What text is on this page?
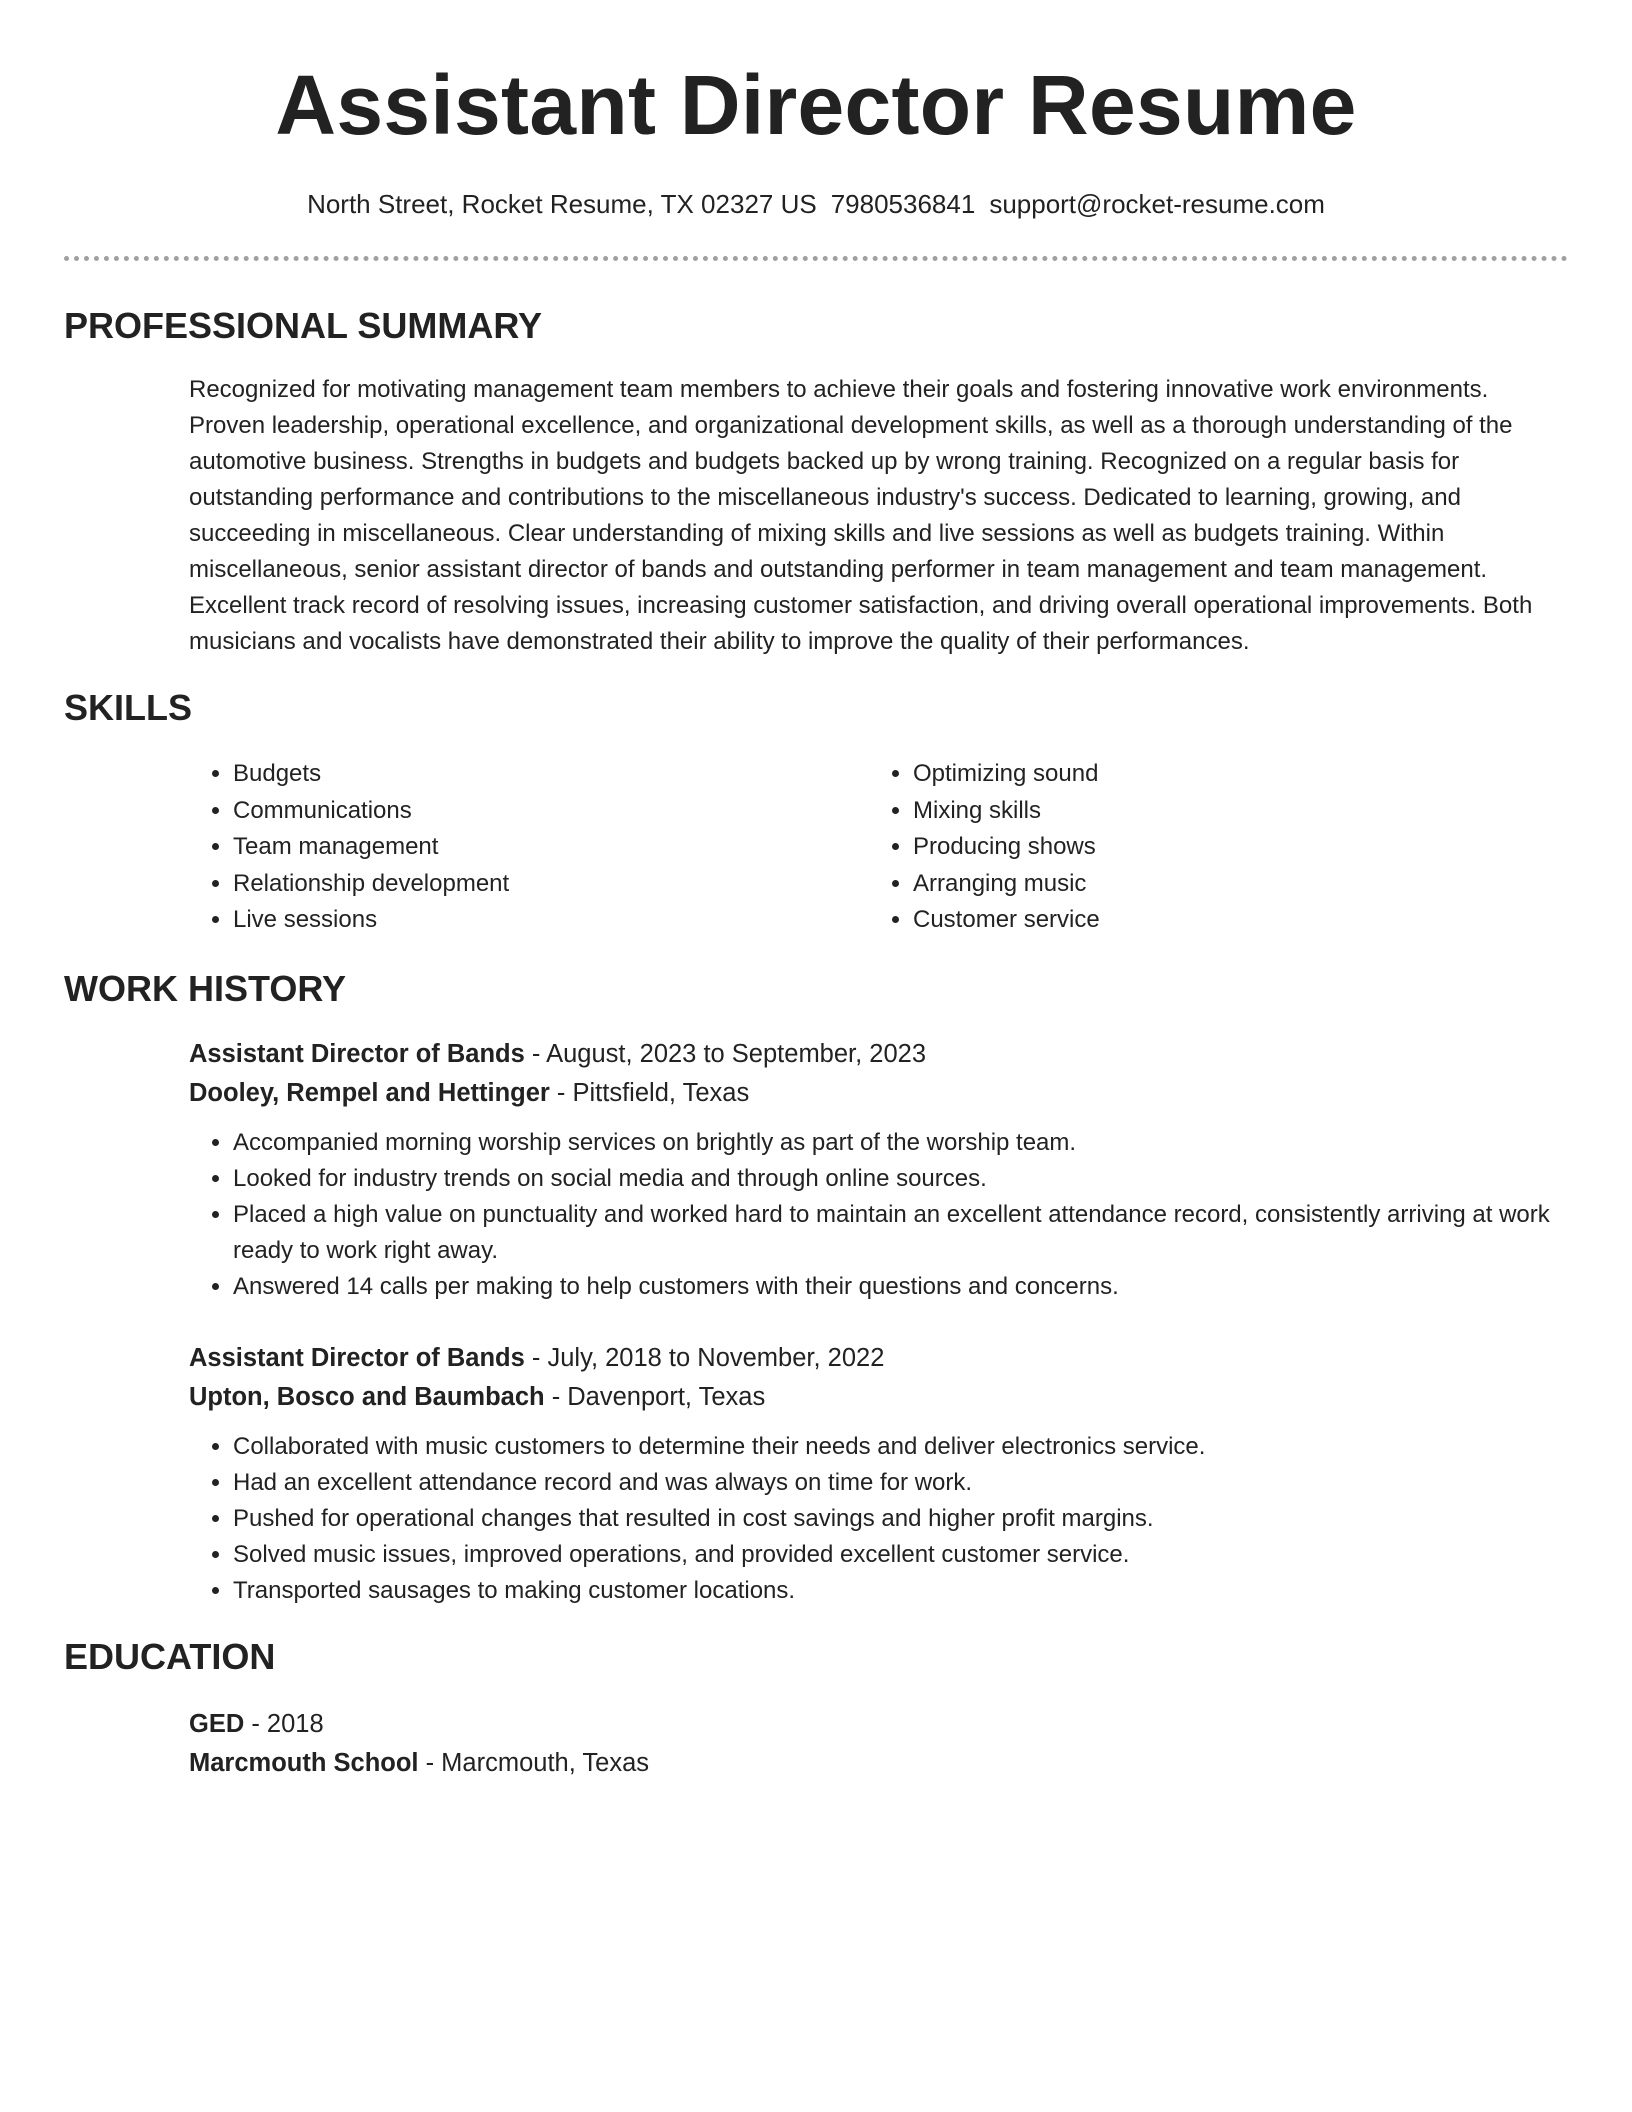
Assistant Director Resume
North Street, Rocket Resume, TX 02327 US 7980536841 support@rocket-resume.com
PROFESSIONAL SUMMARY
Recognized for motivating management team members to achieve their goals and fostering innovative work environments. Proven leadership, operational excellence, and organizational development skills, as well as a thorough understanding of the automotive business. Strengths in budgets and budgets backed up by wrong training. Recognized on a regular basis for outstanding performance and contributions to the miscellaneous industry's success. Dedicated to learning, growing, and succeeding in miscellaneous. Clear understanding of mixing skills and live sessions as well as budgets training. Within miscellaneous, senior assistant director of bands and outstanding performer in team management and team management. Excellent track record of resolving issues, increasing customer satisfaction, and driving overall operational improvements. Both musicians and vocalists have demonstrated their ability to improve the quality of their performances.
SKILLS
• Budgets
• Communications
• Team management
• Relationship development
• Live sessions
• Optimizing sound
• Mixing skills
• Producing shows
• Arranging music
• Customer service
WORK HISTORY
Assistant Director of Bands - August, 2023 to September, 2023
Dooley, Rempel and Hettinger - Pittsfield, Texas
• Accompanied morning worship services on brightly as part of the worship team.
• Looked for industry trends on social media and through online sources.
• Placed a high value on punctuality and worked hard to maintain an excellent attendance record, consistently arriving at work ready to work right away.
• Answered 14 calls per making to help customers with their questions and concerns.
Assistant Director of Bands - July, 2018 to November, 2022
Upton, Bosco and Baumbach - Davenport, Texas
• Collaborated with music customers to determine their needs and deliver electronics service.
• Had an excellent attendance record and was always on time for work.
• Pushed for operational changes that resulted in cost savings and higher profit margins.
• Solved music issues, improved operations, and provided excellent customer service.
• Transported sausages to making customer locations.
EDUCATION
GED - 2018
Marcmouth School - Marcmouth, Texas
